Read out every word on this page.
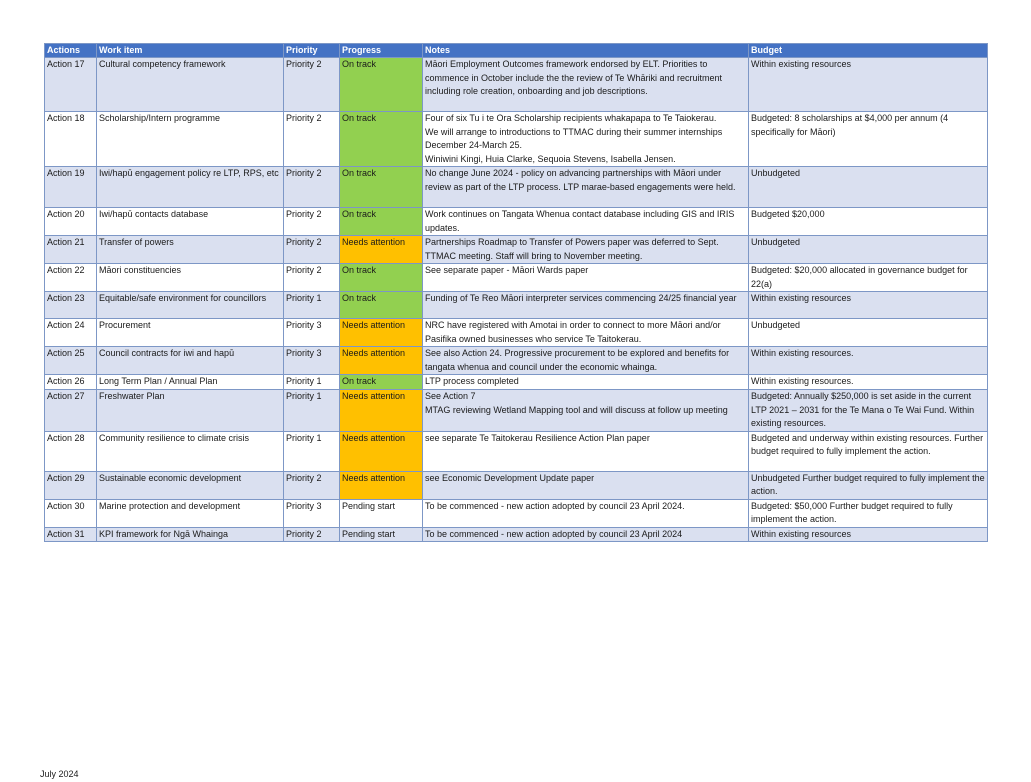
Actions	Work item	Priority	Progress	Notes	Budget
Action 17	Cultural competency framework	Priority 2	On track	Māori Employment Outcomes framework endorsed by ELT. Priorities to commence in October include the the review of Te Whāriki and recruitment including role creation, onboarding and job descriptions.	Within existing resources
Action 18	Scholarship/Intern programme	Priority 2	On track	Four of six Tu i te Ora Scholarship recipients whakapapa to Te Taiokerau.
We will arrange to introductions to TTMAC during their summer internships December 24-March 25.
Winiwini Kingi, Huia Clarke, Sequoia Stevens, Isabella Jensen.	Budgeted: 8 scholarships at $4,000 per annum (4 specifically for Māori)
Action 19	Iwi/hapū engagement policy re LTP, RPS, etc	Priority 2	On track	No change June 2024 - policy on advancing partnerships with Māori under review as part of the LTP process. LTP marae-based engagements were held.	Unbudgeted
Action 20	Iwi/hapū contacts database	Priority 2	On track	Work continues on Tangata Whenua contact database including GIS and IRIS updates.	Budgeted $20,000
Action 21	Transfer of powers	Priority 2	Needs attention	Partnerships Roadmap to Transfer of Powers paper was deferred to Sept. TTMAC meeting. Staff will bring to November meeting.	Unbudgeted
Action 22	Māori constituencies	Priority 2	On track	See separate paper - Māori Wards paper	Budgeted: $20,000 allocated in governance budget for 22(a)
Action 23	Equitable/safe environment for councillors	Priority 1	On track	Funding of Te Reo Māori interpreter services commencing 24/25 financial year	Within existing resources
Action 24	Procurement	Priority 3	Needs attention	NRC have registered with Amotai in order to connect to more Māori and/or Pasifika owned businesses who service Te Taitokerau.	Unbudgeted
Action 25	Council contracts for iwi and hapū	Priority 3	Needs attention	See also Action 24. Progressive procurement to be explored and benefits for tangata whenua and council under the economic whainga.	Within existing resources.
Action 26	Long Term Plan / Annual Plan	Priority 1	On track	LTP process completed	Within existing resources.
Action 27	Freshwater Plan	Priority 1	Needs attention	See Action 7
MTAG reviewing Wetland Mapping tool and will discuss at follow up meeting	Budgeted: Annually $250,000 is set aside in the current LTP 2021 – 2031 for the Te Mana o Te Wai Fund. Within existing resources.
Action 28	Community resilience to climate crisis	Priority 1	Needs attention	see separate Te Taitokerau Resilience Action Plan paper	Budgeted and underway within existing resources. Further budget required to fully implement the action.
Action 29	Sustainable economic development	Priority 2	Needs attention	see Economic Development Update paper	Unbudgeted Further budget required to fully implement the action.
Action 30	Marine protection and development	Priority 3	Pending start	To be commenced - new action adopted by council 23 April 2024.	Budgeted: $50,000 Further budget required to fully implement the action.
Action 31	KPI framework for Ngā Whainga	Priority 2	Pending start	To be commenced - new action adopted by council 23 April 2024	Within existing resources
July 2024
